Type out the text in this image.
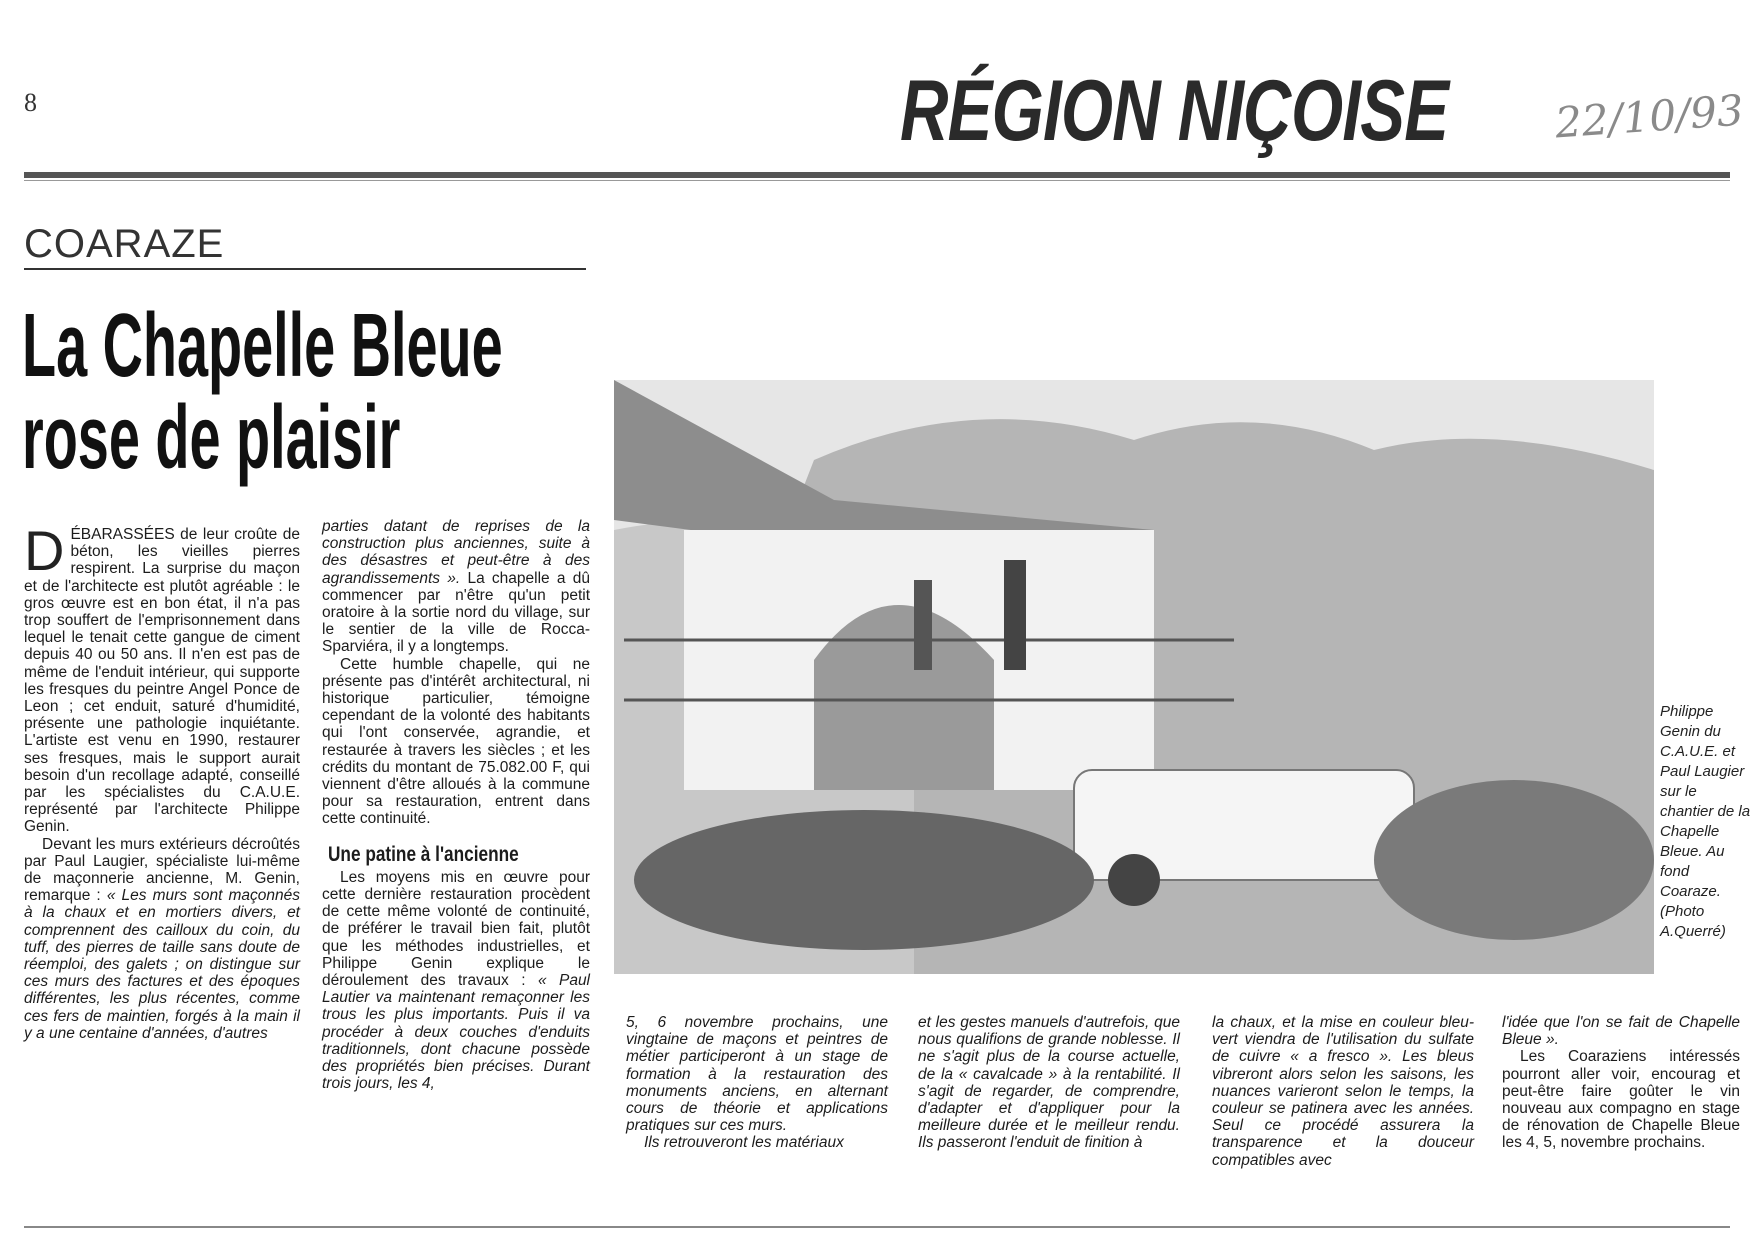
8	RÉGION NIÇOISE	22/10/93
COARAZE
La Chapelle Bleue
rose de plaisir
D ÉBARASSÉES de leur croûte de béton, les vieilles pierres respirent. La surprise du maçon et de l'architecte est plutôt agréable : le gros œuvre est en bon état, il n'a pas trop souffert de l'emprisonnement dans lequel le tenait cette gangue de ciment depuis 40 ou 50 ans. Il n'en est pas de même de l'enduit intérieur, qui supporte les fresques du peintre Angel Ponce de Leon ; cet enduit, saturé d'humidité, présente une pathologie inquiétante. L'artiste est venu en 1990, restaurer ses fresques, mais le support aurait besoin d'un recollage adapté, conseillé par les spécialistes du C.A.U.E. représenté par l'architecte Philippe Genin.

Devant les murs extérieurs décroûtés par Paul Laugier, spécialiste lui-même de maçonnerie ancienne, M. Genin, remarque : « Les murs sont maçonnés à la chaux et en mortiers divers, et comprennent des cailloux du coin, du tuff, des pierres de taille sans doute de réemploi, des galets ; on distingue sur ces murs des factures et des époques différentes, les plus récentes, comme ces fers de maintien, forgés à la main il y a une centaine d'années, d'autres

parties datant de reprises de la construction plus anciennes, suite à des désastres et peut-être à des agrandissements ». La chapelle a dû commencer par n'être qu'un petit oratoire à la sortie nord du village, sur le sentier de la ville de Rocca-Sparviéra, il y a longtemps.

Cette humble chapelle, qui ne présente pas d'intérêt architectural, ni historique particulier, témoigne cependant de la volonté des habitants qui l'ont conservée, agrandie, et restaurée à travers les siècles ; et les crédits du montant de 75.082.00 F, qui viennent d'être alloués à la commune pour sa restauration, entrent dans cette continuité.

Une patine à l'ancienne

Les moyens mis en œuvre pour cette dernière restauration procèdent de cette même volonté de continuité, de préférer le travail bien fait, plutôt que les méthodes industrielles, et Philippe Genin explique le déroulement des travaux : « Paul Lautier va maintenant remaçonner les trous les plus importants. Puis il va procéder à deux couches d'enduits traditionnels, dont chacune possède des propriétés bien précises. Durant trois jours, les 4,

Philippe Genin du C.A.U.E. et Paul Laugier sur le chantier de la Chapelle Bleue. Au fond Coaraze. (Photo A.Querré)

5, 6 novembre prochains, une vingtaine de maçons et peintres de métier participeront à un stage de formation à la restauration des monuments anciens, en alternant cours de théorie et applications pratiques sur ces murs.

Ils retrouveront les matériaux

et les gestes manuels d'autrefois, que nous qualifions de grande noblesse. Il ne s'agit plus de la course actuelle, de la « cavalcade » à la rentabilité. Il s'agit de regarder, de comprendre, d'adapter et d'appliquer pour la meilleure durée et le meilleur rendu. Ils passeront l'enduit de finition à

la chaux, et la mise en couleur bleu-vert viendra de l'utilisation du sulfate de cuivre « a fresco ». Les bleus vibreront alors selon les saisons, les nuances varieront selon le temps, la couleur se patinera avec les années. Seul ce procédé assurera la transparence et la douceur compatibles avec

l'idée que l'on se fait de Chapelle Bleue ».

Les Coaraziens intéressés pourront aller voir, encourag et peut-être faire goûter le vin nouveau aux compagno en stage de rénovation de Chapelle Bleue les 4, 5, novembre prochains.
